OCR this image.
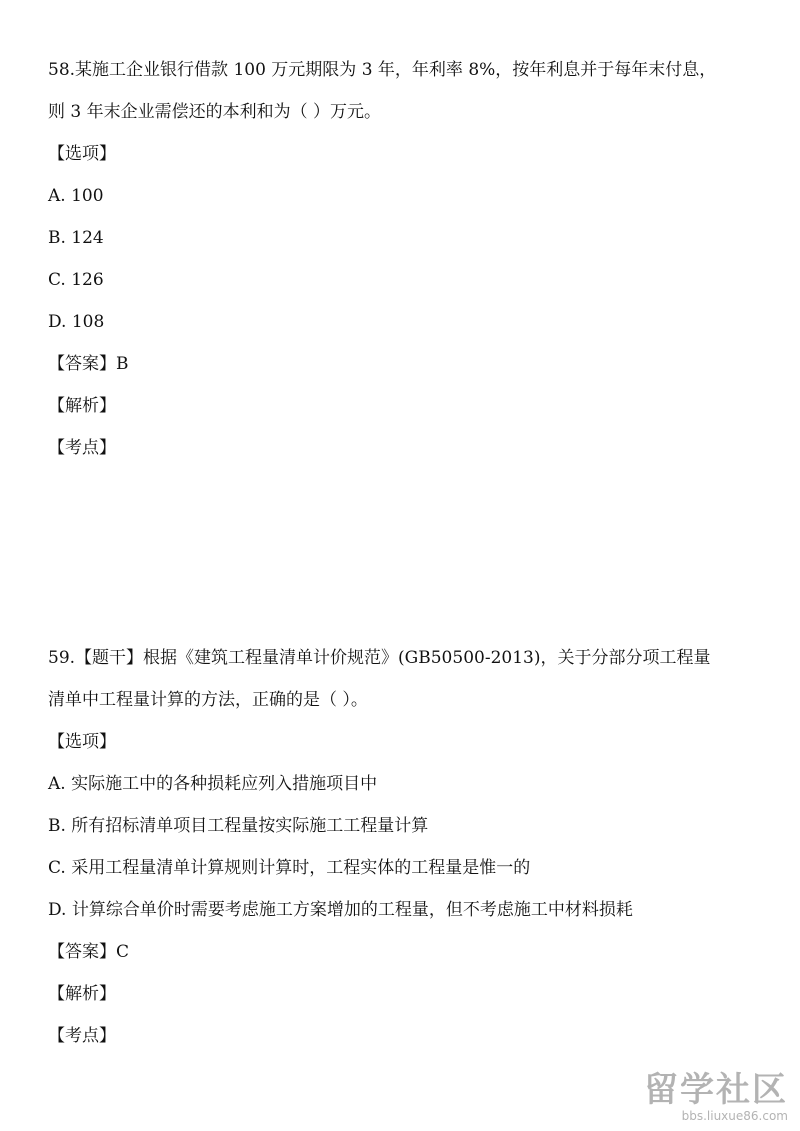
58.某施工企业银行借款 100 万元期限为 3 年，年利率 8%，按年利息并于每年末付息，

则 3 年末企业需偿还的本利和为（ ）万元。

【选项】

A. 100

B. 124

C. 126

D. 108

【答案】B

【解析】

【考点】

59.【题干】根据《建筑工程量清单计价规范》(GB50500-2013)，关于分部分项工程量

清单中工程量计算的方法，正确的是（ ）。

【选项】

A. 实际施工中的各种损耗应列入措施项目中

B. 所有招标清单项目工程量按实际施工工程量计算

C. 采用工程量清单计算规则计算时，工程实体的工程量是惟一的

D. 计算综合单价时需要考虑施工方案增加的工程量，但不考虑施工中材料损耗

【答案】C

【解析】

【考点】

留学社区
bbs.liuxue86.com
